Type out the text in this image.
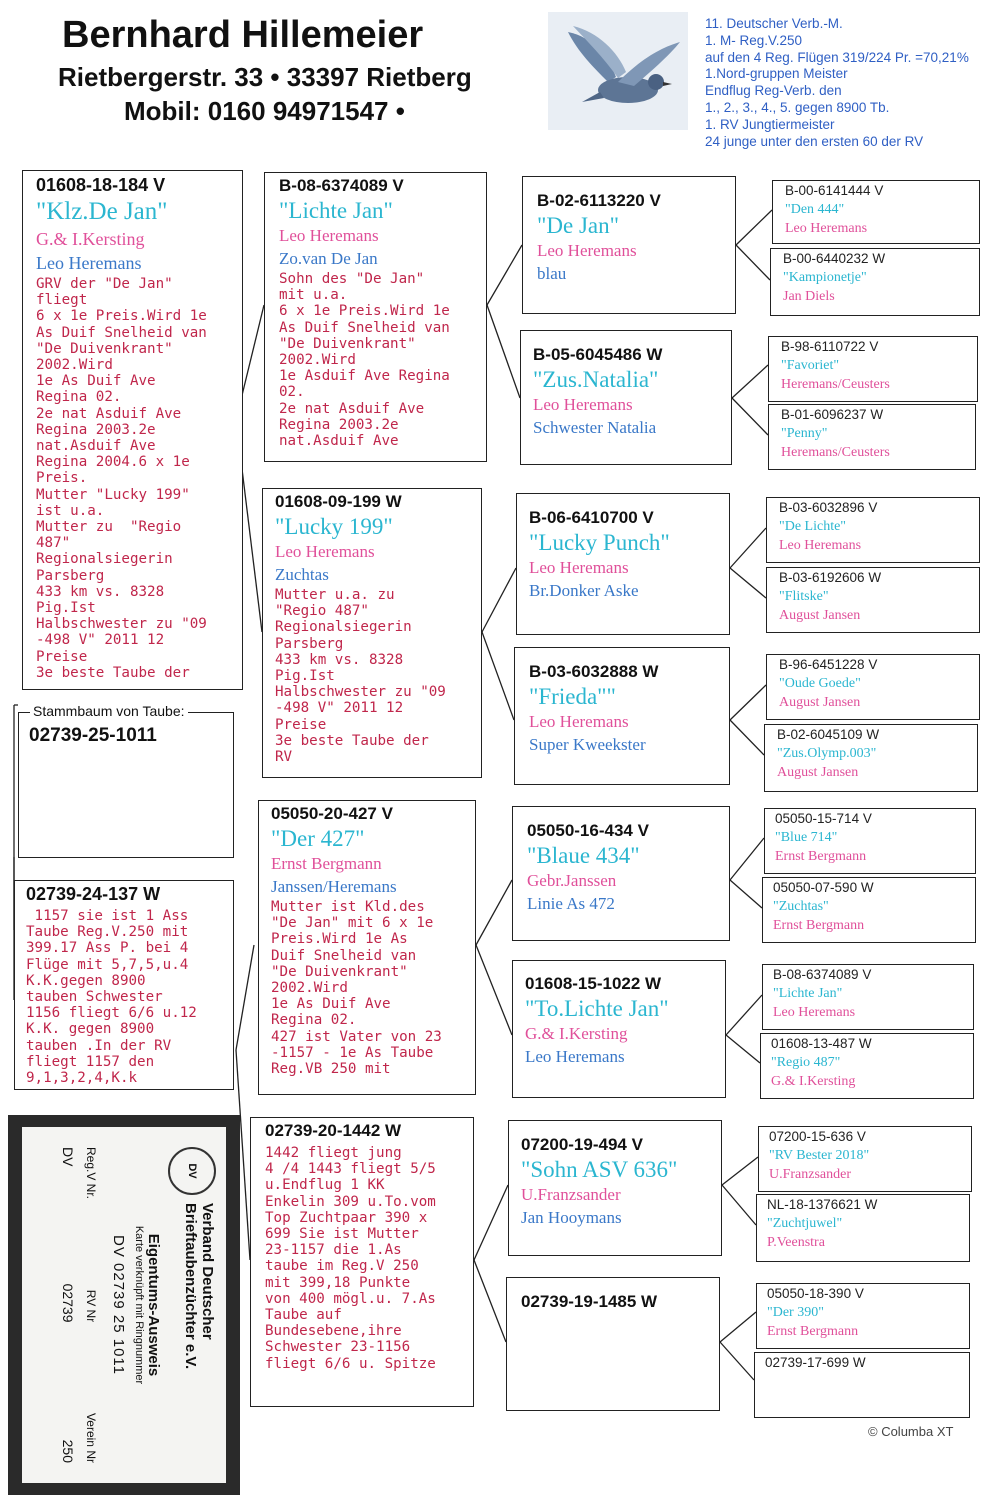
Bernhard Hillemeier
Rietbergerstr. 33 • 33397 Rietberg
Mobil: 0160 94971547 •
11. Deutscher Verb.-M.
1. M- Reg.V.250
auf den 4 Reg. Flügen 319/224 Pr. =70,21%
1.Nord-gruppen Meister
Endflug Reg-Verb. den
1., 2., 3., 4., 5. gegen 8900 Tb.
1. RV Jungtiermeister
24 junge unter den ersten 60 der RV
01608-18-184 V
"Klz.De Jan"
G.& I.Kersting
Leo Heremans
GRV der "De Jan"
fliegt
6 x 1e Preis.Wird 1e
As Duif Snelheid van
"De Duivenkrant"
2002.Wird
1e As Duif Ave
Regina 02.
2e nat Asduif Ave
Regina 2003.2e
nat.Asduif Ave
Regina 2004.6 x 1e
Preis.
Mutter "Lucky 199"
ist u.a.
Mutter zu  "Regio
487"
Regionalsiegerin
Parsberg
433 km vs. 8328
Pig.Ist
Halbschwester zu "09
-498 V" 2011 12
Preise
3e beste Taube der
02739-25-1011
Stammbaum von Taube:
02739-24-137 W
1157 sie ist 1 Ass
Taube Reg.V.250 mit
399.17 Ass P. bei 4
Flüge mit 5,7,5,u.4
K.K.gegen 8900
tauben Schwester
1156 fliegt 6/6 u.12
K.K. gegen 8900
tauben .In der RV
fliegt 1157 den
9,1,3,2,4,K.k
B-08-6374089 V
"Lichte Jan"
Leo Heremans
Zo.van De Jan
Sohn des "De Jan"
mit u.a.
6 x 1e Preis.Wird 1e
As Duif Snelheid van
"De Duivenkrant"
2002.Wird
1e Asduif Ave Regina
02.
2e nat Asduif Ave
Regina 2003.2e
nat.Asduif Ave
01608-09-199 W
"Lucky 199"
Leo Heremans
Zuchtas
Mutter u.a. zu
"Regio 487"
Regionalsiegerin
Parsberg
433 km vs. 8328
Pig.Ist
Halbschwester zu "09
-498 V" 2011 12
Preise
3e beste Taube der
RV
05050-20-427 V
"Der 427"
Ernst Bergmann
Janssen/Heremans
Mutter ist Kld.des
"De Jan" mit 6 x 1e
Preis.Wird 1e As
Duif Snelheid van
"De Duivenkrant"
2002.Wird
1e As Duif Ave
Regina 02.
427 ist Vater von 23
-1157 - 1e As Taube
Reg.VB 250 mit
02739-20-1442 W
1442 fliegt jung
4 /4 1443 fliegt 5/5
u.Endflug 1 KK
Enkelin 309 u.To.vom
Top Zuchtpaar 390 x
699 Sie ist Mutter
23-1157 die 1.As
taube im Reg.V 250
mit 399,18 Punkte
von 400 mögl.u. 7.As
Taube auf
Bundesebene,ihre
Schwester 23-1156
fliegt 6/6 u. Spitze
B-02-6113220 V
"De Jan"
Leo Heremans
blau
B-05-6045486 W
"Zus.Natalia"
Leo Heremans
Schwester Natalia
B-06-6410700 V
"Lucky Punch"
Leo Heremans
Br.Donker Aske
B-03-6032888 W
"Frieda""
Leo Heremans
Super Kweekster
05050-16-434 V
"Blaue 434"
Gebr.Janssen
Linie As 472
01608-15-1022 W
"To.Lichte Jan"
G.& I.Kersting
Leo Heremans
07200-19-494 V
"Sohn ASV 636"
U.Franzsander
Jan Hooymans
02739-19-1485 W
B-00-6141444 V
"Den 444"
Leo Heremans
B-00-6440232 W
"Kampionetje"
Jan Diels
B-98-6110722 V
"Favoriet"
Heremans/Ceusters
B-01-6096237 W
"Penny"
Heremans/Ceusters
B-03-6032896 V
"De Lichte"
Leo Heremans
B-03-6192606 W
"Flitske"
August Jansen
B-96-6451228 V
"Oude Goede"
August Jansen
B-02-6045109 W
"Zus.Olymp.003"
August Jansen
05050-15-714 V
"Blue 714"
Ernst Bergmann
05050-07-590 W
"Zuchtas"
Ernst Bergmann
B-08-6374089 V
"Lichte Jan"
Leo Heremans
01608-13-487 W
"Regio 487"
G.& I.Kersting
07200-15-636 V
"RV Bester 2018"
U.Franzsander
NL-18-1376621 W
"Zuchtjuwel"
P.Veenstra
05050-18-390 V
"Der 390"
Ernst Bergmann
02739-17-699 W
DV
Verband Deutscher
Brieftaubenzüchter e.V.
Eigentums-Ausweis
Karte verknüpft mit Ringnummer
DV 02739 25 1011
Reg.V Nr.
RV Nr
Verein Nr
DV
02739
250
© Columba XT
